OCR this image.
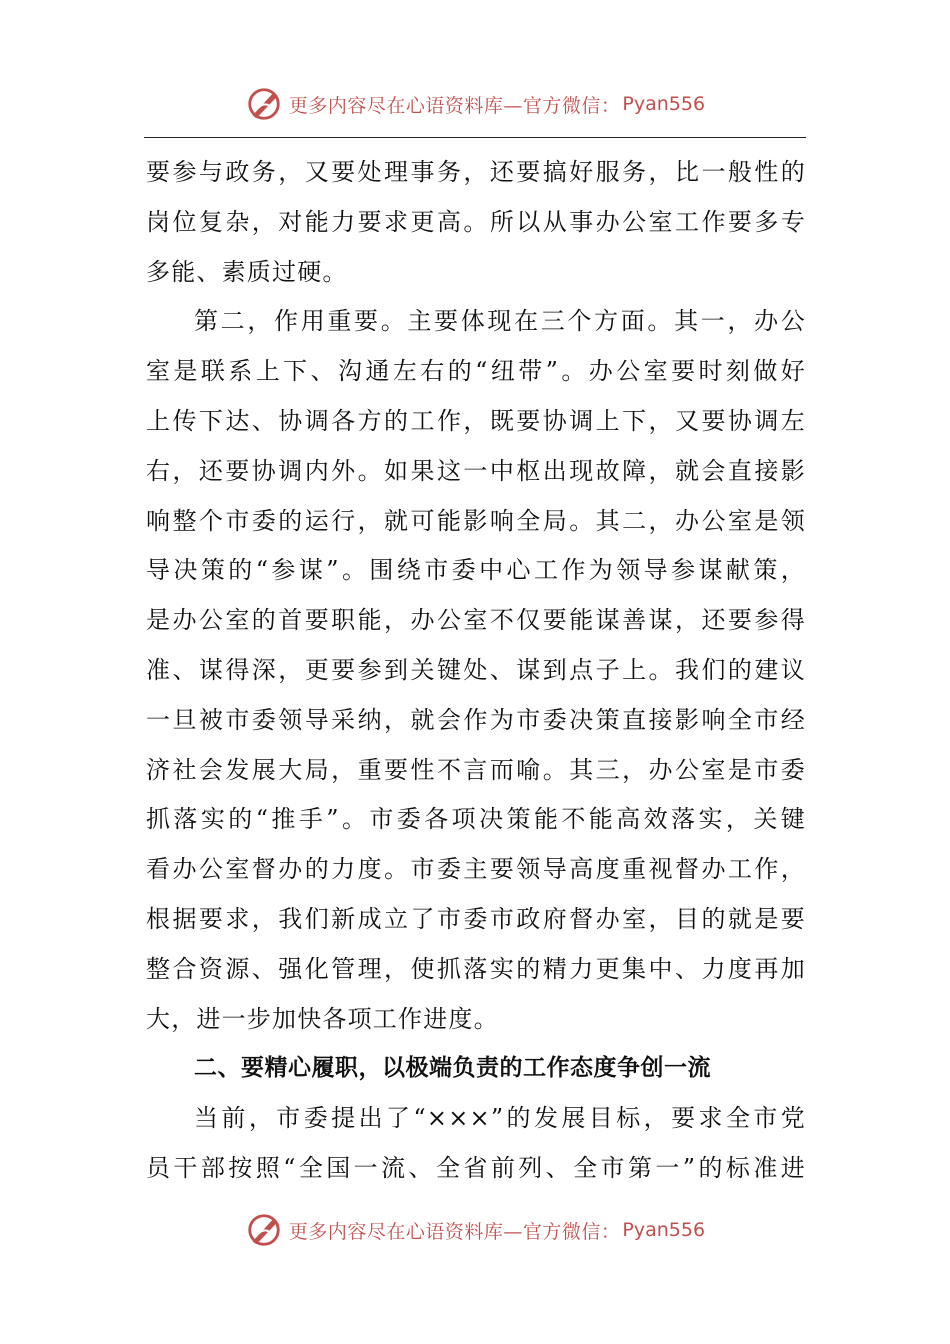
更多内容尽在心语资料库—官方微信： Pyan556

要参与政务，又要处理事务，还要搞好服务，比一般性的
岗位复杂，对能力要求更高。所以从事办公室工作要多专
多能、素质过硬。

第二，作用重要。主要体现在三个方面。其一，办公
室是联系上下、沟通左右的“纽带”。办公室要时刻做好
上传下达、协调各方的工作，既要协调上下，又要协调左
右，还要协调内外。如果这一中枢出现故障，就会直接影
响整个市委的运行，就可能影响全局。其二，办公室是领
导决策的“参谋”。围绕市委中心工作为领导参谋献策，
是办公室的首要职能，办公室不仅要能谋善谋，还要参得
准、谋得深，更要参到关键处、谋到点子上。我们的建议
一旦被市委领导采纳，就会作为市委决策直接影响全市经
济社会发展大局，重要性不言而喻。其三，办公室是市委
抓落实的“推手”。市委各项决策能不能高效落实，关键
看办公室督办的力度。市委主要领导高度重视督办工作，
根据要求，我们新成立了市委市政府督办室，目的就是要
整合资源、强化管理，使抓落实的精力更集中、力度再加
大，进一步加快各项工作进度。

二、要精心履职，以极端负责的工作态度争创一流

当前，市委提出了“×××”的发展目标，要求全市党
员干部按照“全国一流、全省前列、全市第一”的标准进

更多内容尽在心语资料库—官方微信： Pyan556
